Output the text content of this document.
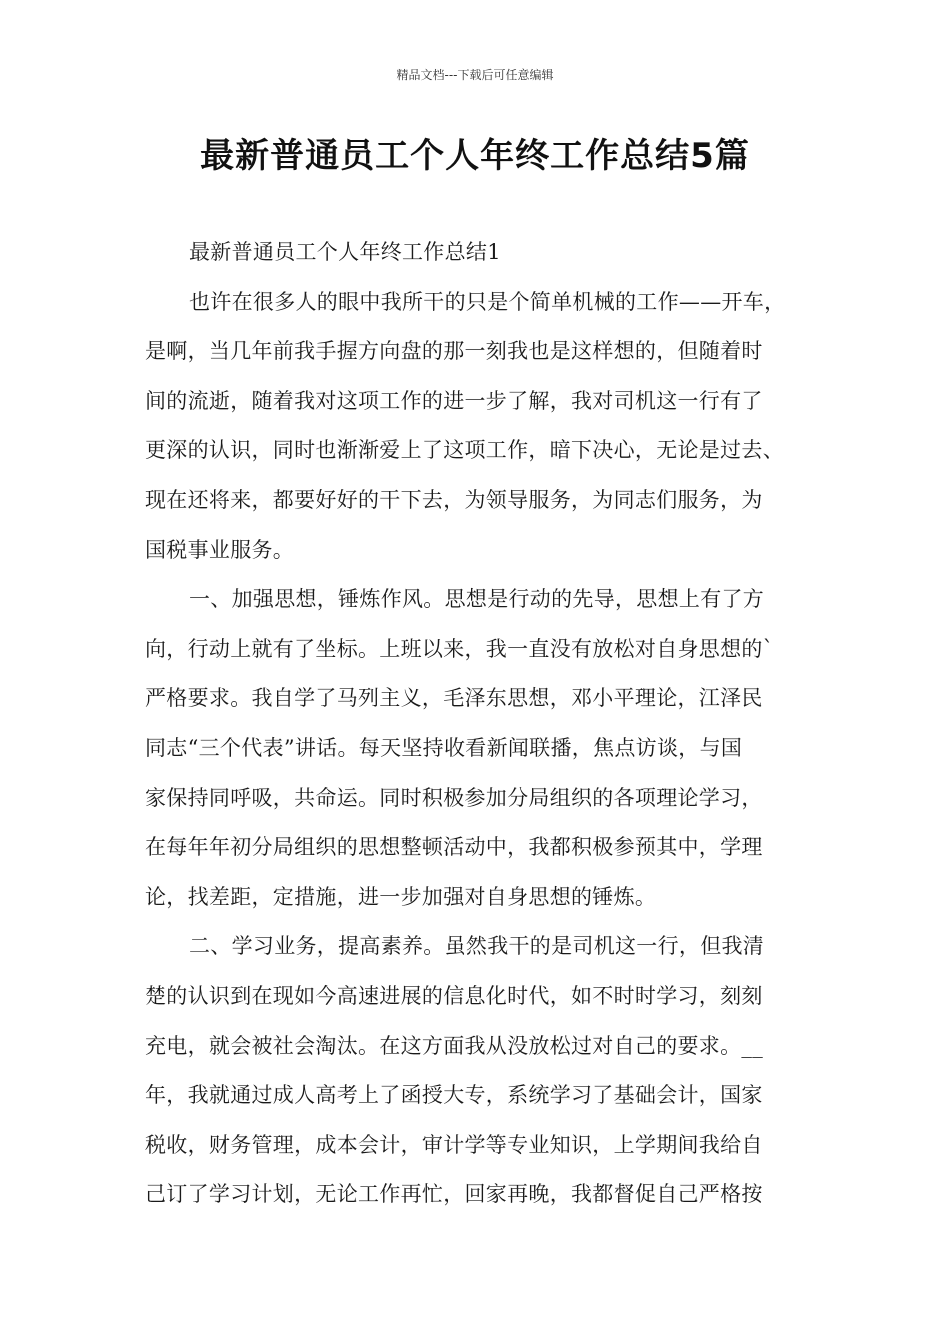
精品文档---下载后可任意编辑
最新普通员工个人年终工作总结5篇
最新普通员工个人年终工作总结1
也许在很多人的眼中我所干的只是个简单机械的工作——开车，
是啊，当几年前我手握方向盘的那一刻我也是这样想的，但随着时
间的流逝，随着我对这项工作的进一步了解，我对司机这一行有了
更深的认识，同时也渐渐爱上了这项工作，暗下决心，无论是过去、
现在还将来，都要好好的干下去，为领导服务，为同志们服务，为
国税事业服务。
一、加强思想，锤炼作风。思想是行动的先导，思想上有了方
向，行动上就有了坐标。上班以来，我一直没有放松对自身思想的`
严格要求。我自学了马列主义，毛泽东思想，邓小平理论，江泽民
同志“三个代表”讲话。每天坚持收看新闻联播，焦点访谈，与国
家保持同呼吸，共命运。同时积极参加分局组织的各项理论学习，
在每年年初分局组织的思想整顿活动中，我都积极参预其中，学理
论，找差距，定措施，进一步加强对自身思想的锤炼。
二、学习业务，提高素养。虽然我干的是司机这一行，但我清
楚的认识到在现如今高速进展的信息化时代，如不时时学习，刻刻
充电，就会被社会淘汰。在这方面我从没放松过对自己的要求。__
年，我就通过成人高考上了函授大专，系统学习了基础会计，国家
税收，财务管理，成本会计，审计学等专业知识，上学期间我给自
己订了学习计划，无论工作再忙，回家再晚，我都督促自己严格按
